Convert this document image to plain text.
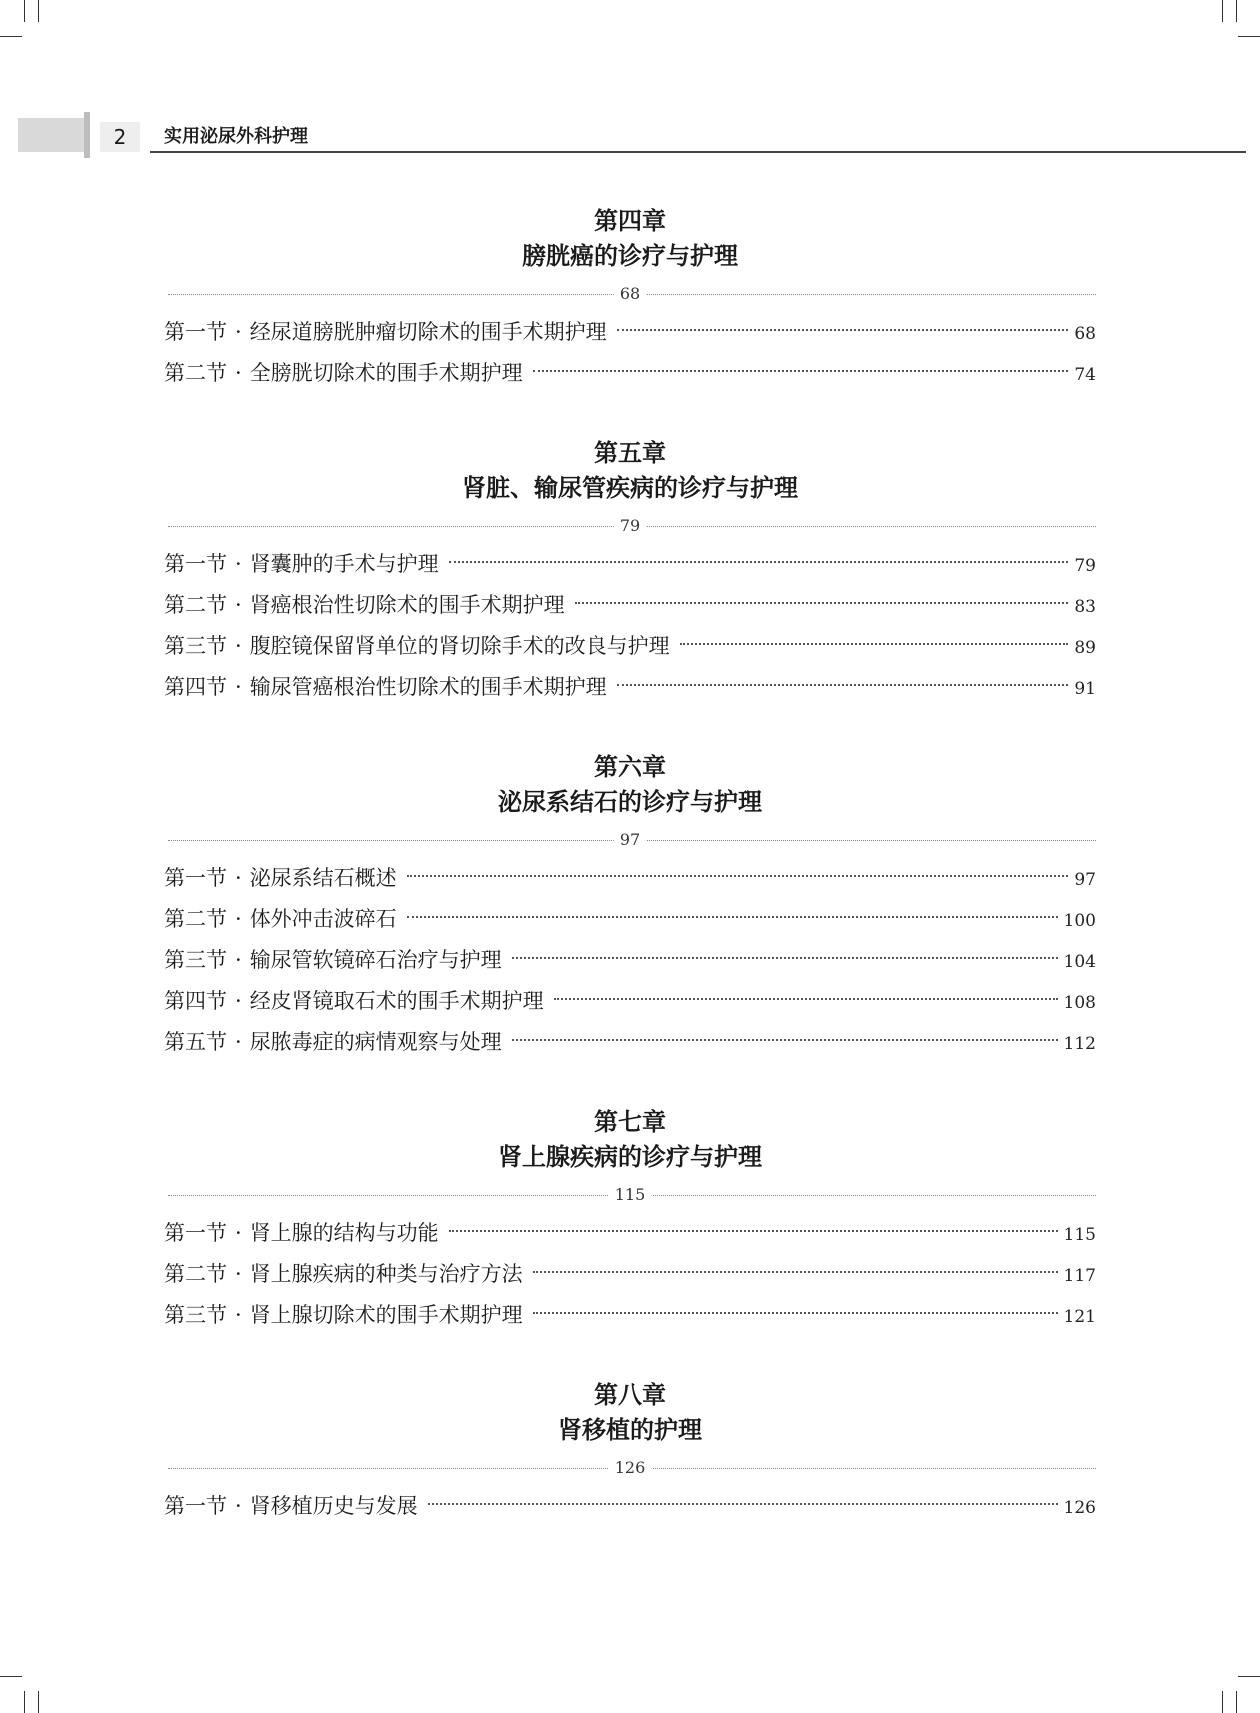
2	实用泌尿外科护理
第四章
膀胱癌的诊疗与护理
68
第一节 · 经尿道膀胱肿瘤切除术的围手术期护理	68
第二节 · 全膀胱切除术的围手术期护理	74
第五章
肾脏、输尿管疾病的诊疗与护理
79
第一节 · 肾囊肿的手术与护理	79
第二节 · 肾癌根治性切除术的围手术期护理	83
第三节 · 腹腔镜保留肾单位的肾切除手术的改良与护理	89
第四节 · 输尿管癌根治性切除术的围手术期护理	91
第六章
泌尿系结石的诊疗与护理
97
第一节 · 泌尿系结石概述	97
第二节 · 体外冲击波碎石	100
第三节 · 输尿管软镜碎石治疗与护理	104
第四节 · 经皮肾镜取石术的围手术期护理	108
第五节 · 尿脓毒症的病情观察与处理	112
第七章
肾上腺疾病的诊疗与护理
115
第一节 · 肾上腺的结构与功能	115
第二节 · 肾上腺疾病的种类与治疗方法	117
第三节 · 肾上腺切除术的围手术期护理	121
第八章
肾移植的护理
126
第一节 · 肾移植历史与发展	126
